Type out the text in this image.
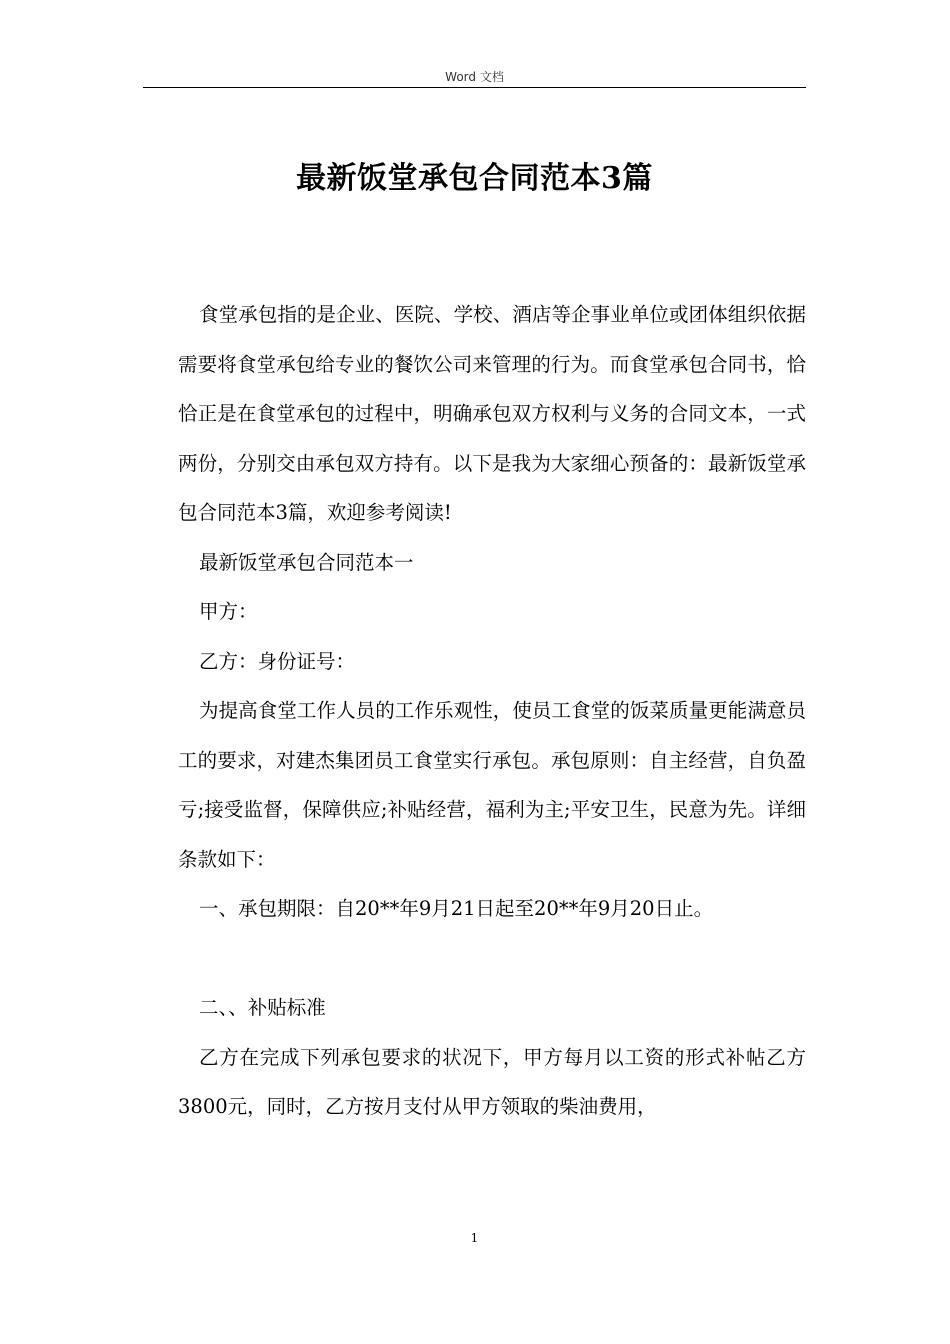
Word 文档
最新饭堂承包合同范本3篇

食堂承包指的是企业、医院、学校、酒店等企事业单位或团体组织依据需要将食堂承包给专业的餐饮公司来管理的行为。而食堂承包合同书，恰恰正是在食堂承包的过程中，明确承包双方权利与义务的合同文本，一式两份，分别交由承包双方持有。以下是我为大家细心预备的：最新饭堂承包合同范本3篇，欢迎参考阅读!

最新饭堂承包合同范本一

甲方：

乙方：身份证号：

为提高食堂工作人员的工作乐观性，使员工食堂的饭菜质量更能满意员工的要求，对建杰集团员工食堂实行承包。承包原则：自主经营，自负盈亏;接受监督，保障供应;补贴经营，福利为主;平安卫生，民意为先。详细条款如下：

一、承包期限：自20**年9月21日起至20**年9月20日止。

二、、补贴标准

乙方在完成下列承包要求的状况下，甲方每月以工资的形式补帖乙方3800元，同时，乙方按月支付从甲方领取的柴油费用，

1
